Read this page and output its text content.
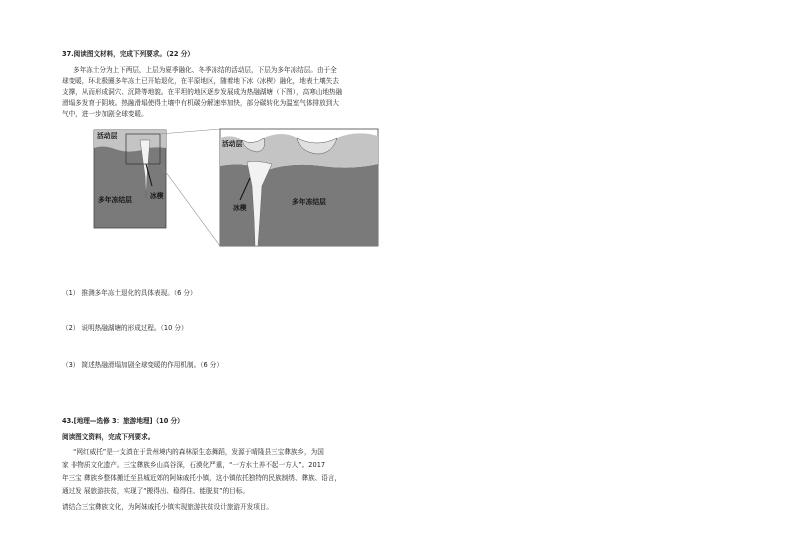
37.阅读图文材料，完成下列要求。（22 分）
多年冻土分为上下两层，上层为夏季融化、冬季冻结的活动层，下层为多年冻结层。由于全
球变暖，环北极圈多年冻土已开始退化，在平原地区，随着地下冰（冰楔）融化，地表土壤失去
支撑，从而形成洞穴、沉降等地貌。在平坦的地区逐步发展成为热融湖塘（下图），高寒山地热融
滑塌多发育于阴坡。热融滑塌使得土壤中有机碳分解速率加快，部分碳转化为温室气体排放到大
气中，进一步加剧全球变暖。
活动层
冰楔
多年冻结层
活动层
冰楔
多年冻结层
（1） 推测多年冻土退化的具体表现。（6 分）
（2） 说明热融湖塘的形成过程。（10 分）
（3） 简述热融滑塌加剧全球变暖的作用机制。（6 分）
43.[地理—选修 3：旅游地理]（10 分）
阅读图文资料，完成下列要求。
“网红威托”是一支滇在于贵州境内的森林原生态舞蹈，发源于晴隆县三宝彝族乡，为国
家 非物质文化遗产。三宝彝族乡山高谷深，石漠化严重，“一方水土养不起一方人”。2017
年三宝 彝族乡整体搬迁至县城近郊的阿妹戚托小镇，这小镇依托独特的民族制绣、彝族、语言，
通过发 展旅游扶贫，实现了“搬得出、稳得住、能脱贫”的目标。
请结合三宝彝族文化，为阿妹戚托小镇实现旅游扶贫设计旅游开发项目。
